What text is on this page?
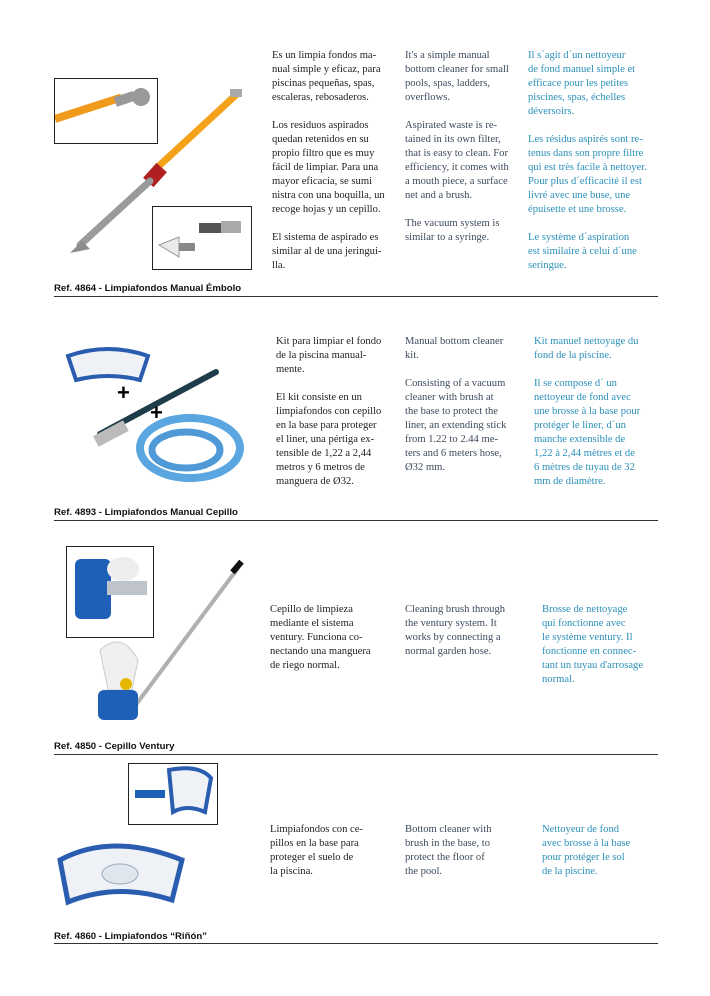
Es un limpia fondos ma-
nual simple y eficaz, para
piscinas pequeñas, spas,
escaleras, rebosaderos.

Los residuos aspirados
quedan retenidos en su
propio filtro que es muy
fácil de limpiar. Para una
mayor eficacia, se sumi
nistra con una boquilla, un
recoge hojas y un cepillo.

El sistema de aspirado es
similar al de una jeringui-
lla.
It's a simple manual
bottom cleaner for small
pools, spas, ladders,
overflows.

Aspirated waste is re-
tained in its own filter,
that is easy to clean. For
efficiency, it comes with
a mouth piece, a surface
net and a brush.

The vacuum system is
similar to a syringe.
Il s´agit d´un nettoyeur
de fond manuel simple et
efficace pour les petites
piscines, spas, échelles
déversoirs.

Les résidus aspirés sont re-
tenus dans son propre filtre
qui est très facile à nettoyer.
Pour plus d´efficacité il est
livré avec une buse, une
épuisette et une brosse.

Le système d´aspiration
est similaire à celui d´une
seringue.
Ref. 4864 - Limpiafondos Manual Émbolo
+
+
Kit para limpiar el fondo
de la piscina manual-
mente.

El kit consiste en un
limpiafondos con cepillo
en la base para proteger
el liner, una pértiga ex-
tensible de 1,22 a 2,44
metros y 6 metros de
manguera de Ø32.
Manual bottom cleaner
kit.

Consisting of a vacuum
cleaner with brush at
the base to protect the
liner, an extending stick
from 1.22 to 2.44 me-
ters and 6 meters hose,
Ø32 mm.
Kit manuel nettoyage du
fond de la piscine.

Il se compose d´ un
nettoyeur de fond avec
une brosse à la base pour
protéger le liner, d´un
manche extensible de
1,22 à 2,44 mètres et de
6 mètres de tuyau de 32
mm de diamètre.
Ref. 4893 - Limpiafondos Manual Cepillo
Cepillo de limpieza
mediante el sistema
ventury. Funciona co-
nectando una manguera
de riego normal.
Cleaning brush through
the ventury system. It
works by connecting a
normal garden hose.
Brosse de nettoyage
qui fonctionne avec
le système ventury. Il
fonctionne en connec-
tant un tuyau d'arrosage
normal.
Ref. 4850 - Cepillo Ventury
Limpiafondos con ce-
pillos en la base para
proteger el suelo de
la piscina.
Bottom cleaner with
brush in the base, to
protect the floor of
the pool.
Nettoyeur de fond
avec brosse à la base
pour protéger le sol
de la piscine.
Ref. 4860 - Limpiafondos “Riñón”
